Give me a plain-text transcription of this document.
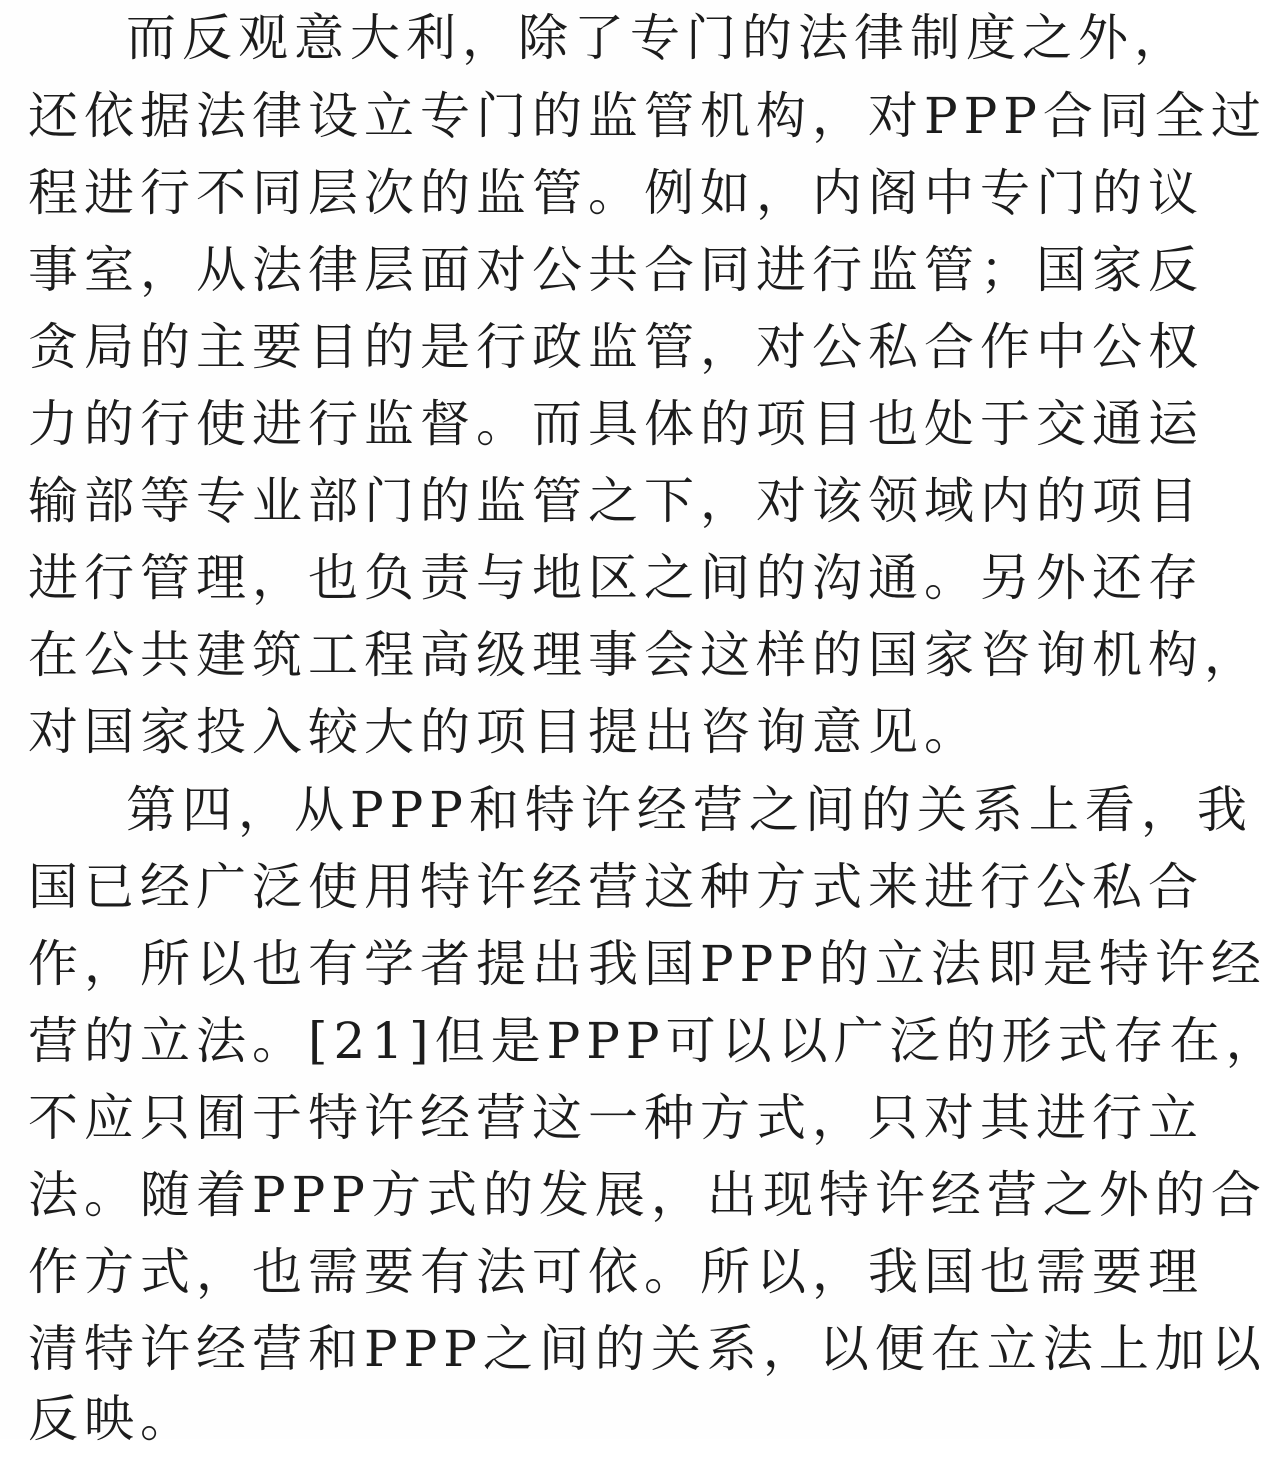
而反观意大利，除了专门的法律制度之外，

还依据法律设立专门的监管机构，对PPP合同全过

程进行不同层次的监管。例如，内阁中专门的议

事室，从法律层面对公共合同进行监管；国家反

贪局的主要目的是行政监管，对公私合作中公权

力的行使进行监督。而具体的项目也处于交通运

输部等专业部门的监管之下，对该领域内的项目

进行管理，也负责与地区之间的沟通。另外还存

在公共建筑工程高级理事会这样的国家咨询机构，

对国家投入较大的项目提出咨询意见。

第四，从PPP和特许经营之间的关系上看，我

国已经广泛使用特许经营这种方式来进行公私合

作，所以也有学者提出我国PPP的立法即是特许经

营的立法。[21]但是PPP可以以广泛的形式存在，

不应只囿于特许经营这一种方式，只对其进行立

法。随着PPP方式的发展，出现特许经营之外的合

作方式，也需要有法可依。所以，我国也需要理

清特许经营和PPP之间的关系，以便在立法上加以

反映。
